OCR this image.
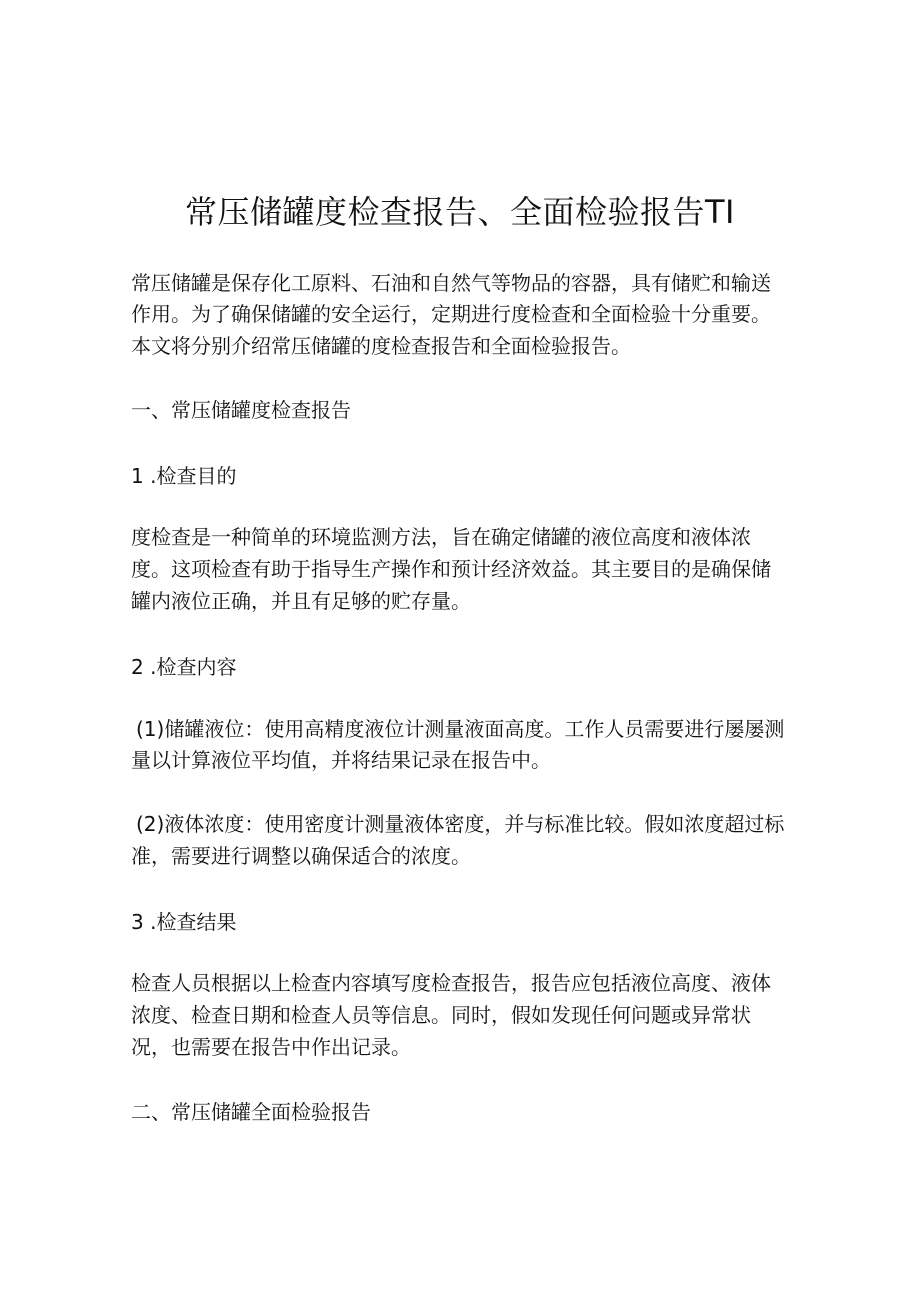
常压储罐度检查报告、全面检验报告TI
常压储罐是保存化工原料、石油和自然气等物品的容器，具有储贮和输送
作用。为了确保储罐的安全运行，定期进行度检查和全面检验十分重要。
本文将分别介绍常压储罐的度检查报告和全面检验报告。
一、常压储罐度检查报告
1 .检查目的
度检查是一种简单的环境监测方法，旨在确定储罐的液位高度和液体浓
度。这项检查有助于指导生产操作和预计经济效益。其主要目的是确保储
罐内液位正确，并且有足够的贮存量。
2 .检查内容
(1)储罐液位：使用高精度液位计测量液面高度。工作人员需要进行屡屡测
量以计算液位平均值，并将结果记录在报告中。
(2)液体浓度：使用密度计测量液体密度，并与标准比较。假如浓度超过标
准，需要进行调整以确保适合的浓度。
3 .检查结果
检查人员根据以上检查内容填写度检查报告，报告应包括液位高度、液体
浓度、检查日期和检查人员等信息。同时，假如发现任何问题或异常状
况，也需要在报告中作出记录。
二、常压储罐全面检验报告
